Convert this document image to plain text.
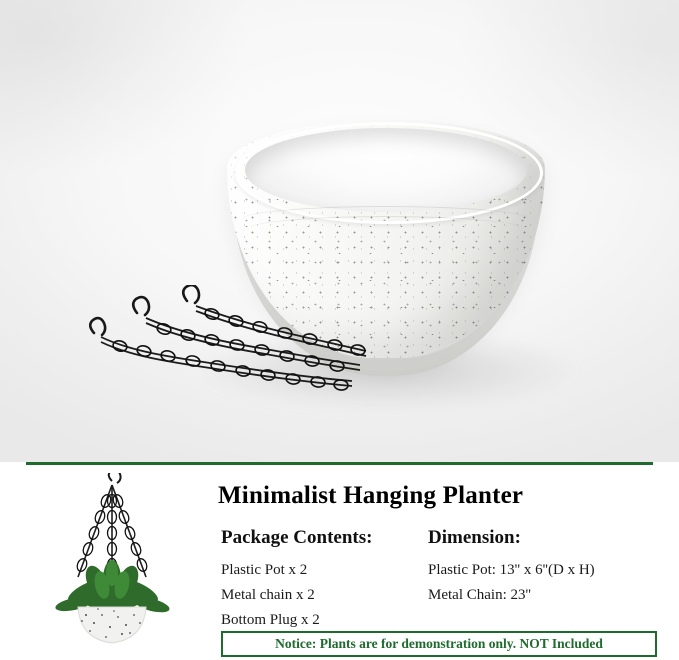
Minimalist Hanging Planter
Package Contents:
Plastic Pot x 2
Metal chain x 2
Bottom Plug x 2
Dimension:
Plastic Pot: 13'' x 6''(D x H)
Metal Chain: 23''
Notice: Plants are for demonstration only. NOT Included
